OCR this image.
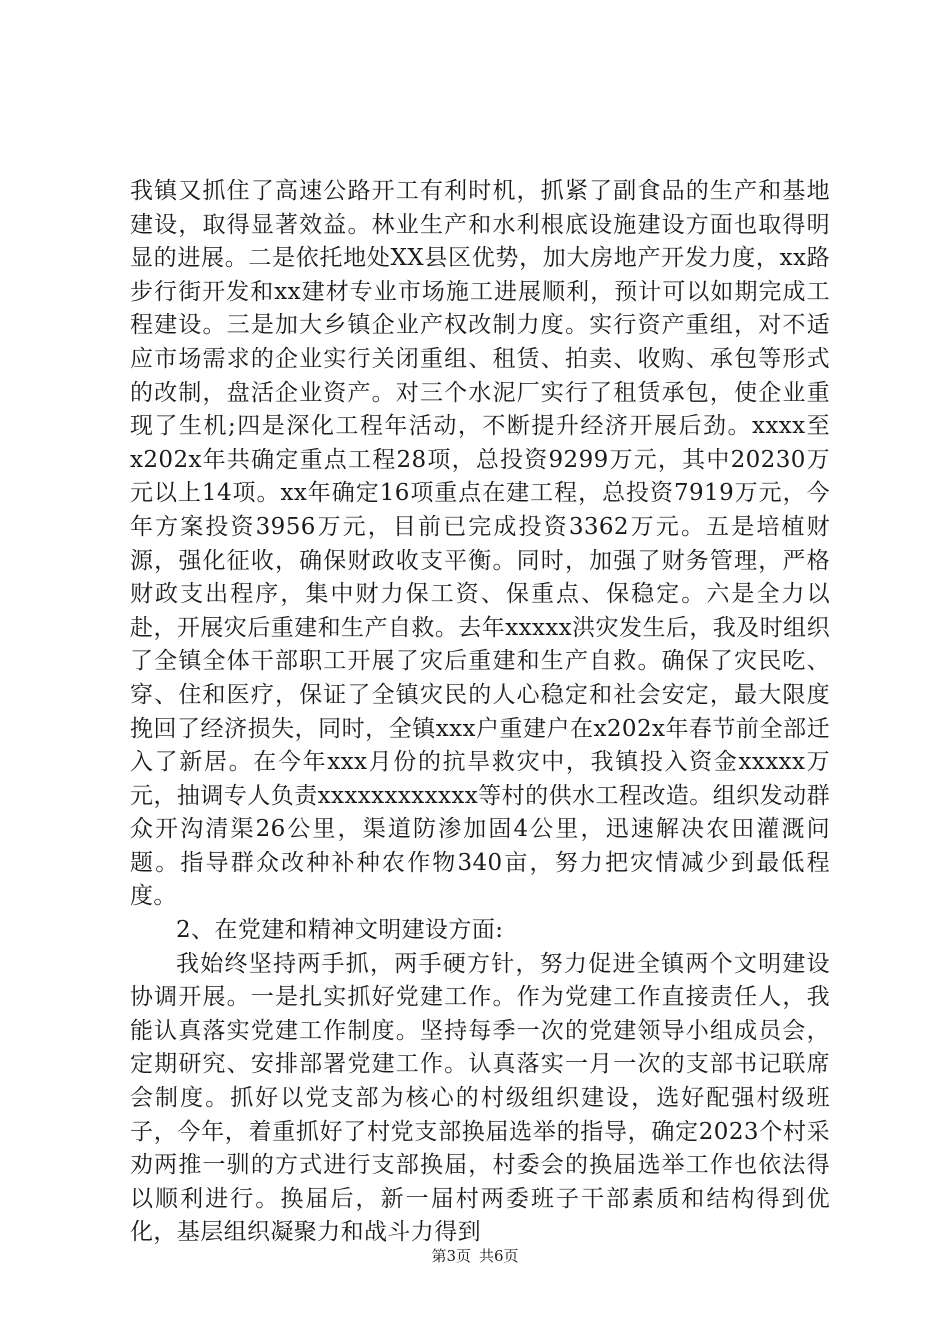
我镇又抓住了高速公路开工有利时机，抓紧了副食品的生产和基地建设，取得显著效益。林业生产和水利根底设施建设方面也取得明显的进展。二是依托地处XX县区优势，加大房地产开发力度，xx路步行街开发和xx建材专业市场施工进展顺利，预计可以如期完成工程建设。三是加大乡镇企业产权改制力度。实行资产重组，对不适应市场需求的企业实行关闭重组、租赁、拍卖、收购、承包等形式的改制，盘活企业资产。对三个水泥厂实行了租赁承包，使企业重现了生机;四是深化工程年活动，不断提升经济开展后劲。xxxx至x202x年共确定重点工程28项，总投资9299万元，其中20230万元以上14项。xx年确定16项重点在建工程，总投资7919万元，今年方案投资3956万元，目前已完成投资3362万元。五是培植财源，强化征收，确保财政收支平衡。同时，加强了财务管理，严格财政支出程序，集中财力保工资、保重点、保稳定。六是全力以赴，开展灾后重建和生产自救。去年xxxxx洪灾发生后，我及时组织了全镇全体干部职工开展了灾后重建和生产自救。确保了灾民吃、穿、住和医疗，保证了全镇灾民的人心稳定和社会安定，最大限度挽回了经济损失，同时，全镇xxx户重建户在x202x年春节前全部迁入了新居。在今年xxx月份的抗旱救灾中，我镇投入资金xxxxx万元，抽调专人负责xxxxxxxxxxxx等村的供水工程改造。组织发动群众开沟清渠26公里，渠道防渗加固4公里，迅速解决农田灌溉问题。指导群众改种补种农作物340亩，努力把灾情减少到最低程度。

2、在党建和精神文明建设方面:

我始终坚持两手抓，两手硬方针，努力促进全镇两个文明建设协调开展。一是扎实抓好党建工作。作为党建工作直接责任人，我能认真落实党建工作制度。坚持每季一次的党建领导小组成员会，定期研究、安排部署党建工作。认真落实一月一次的支部书记联席会制度。抓好以党支部为核心的村级组织建设，选好配强村级班子，今年，着重抓好了村党支部换届选举的指导，确定2023个村采劝两推一驯的方式进行支部换届，村委会的换届选举工作也依法得以顺利进行。换届后，新一届村两委班子干部素质和结构得到优化，基层组织凝聚力和战斗力得到

第3页 共6页
